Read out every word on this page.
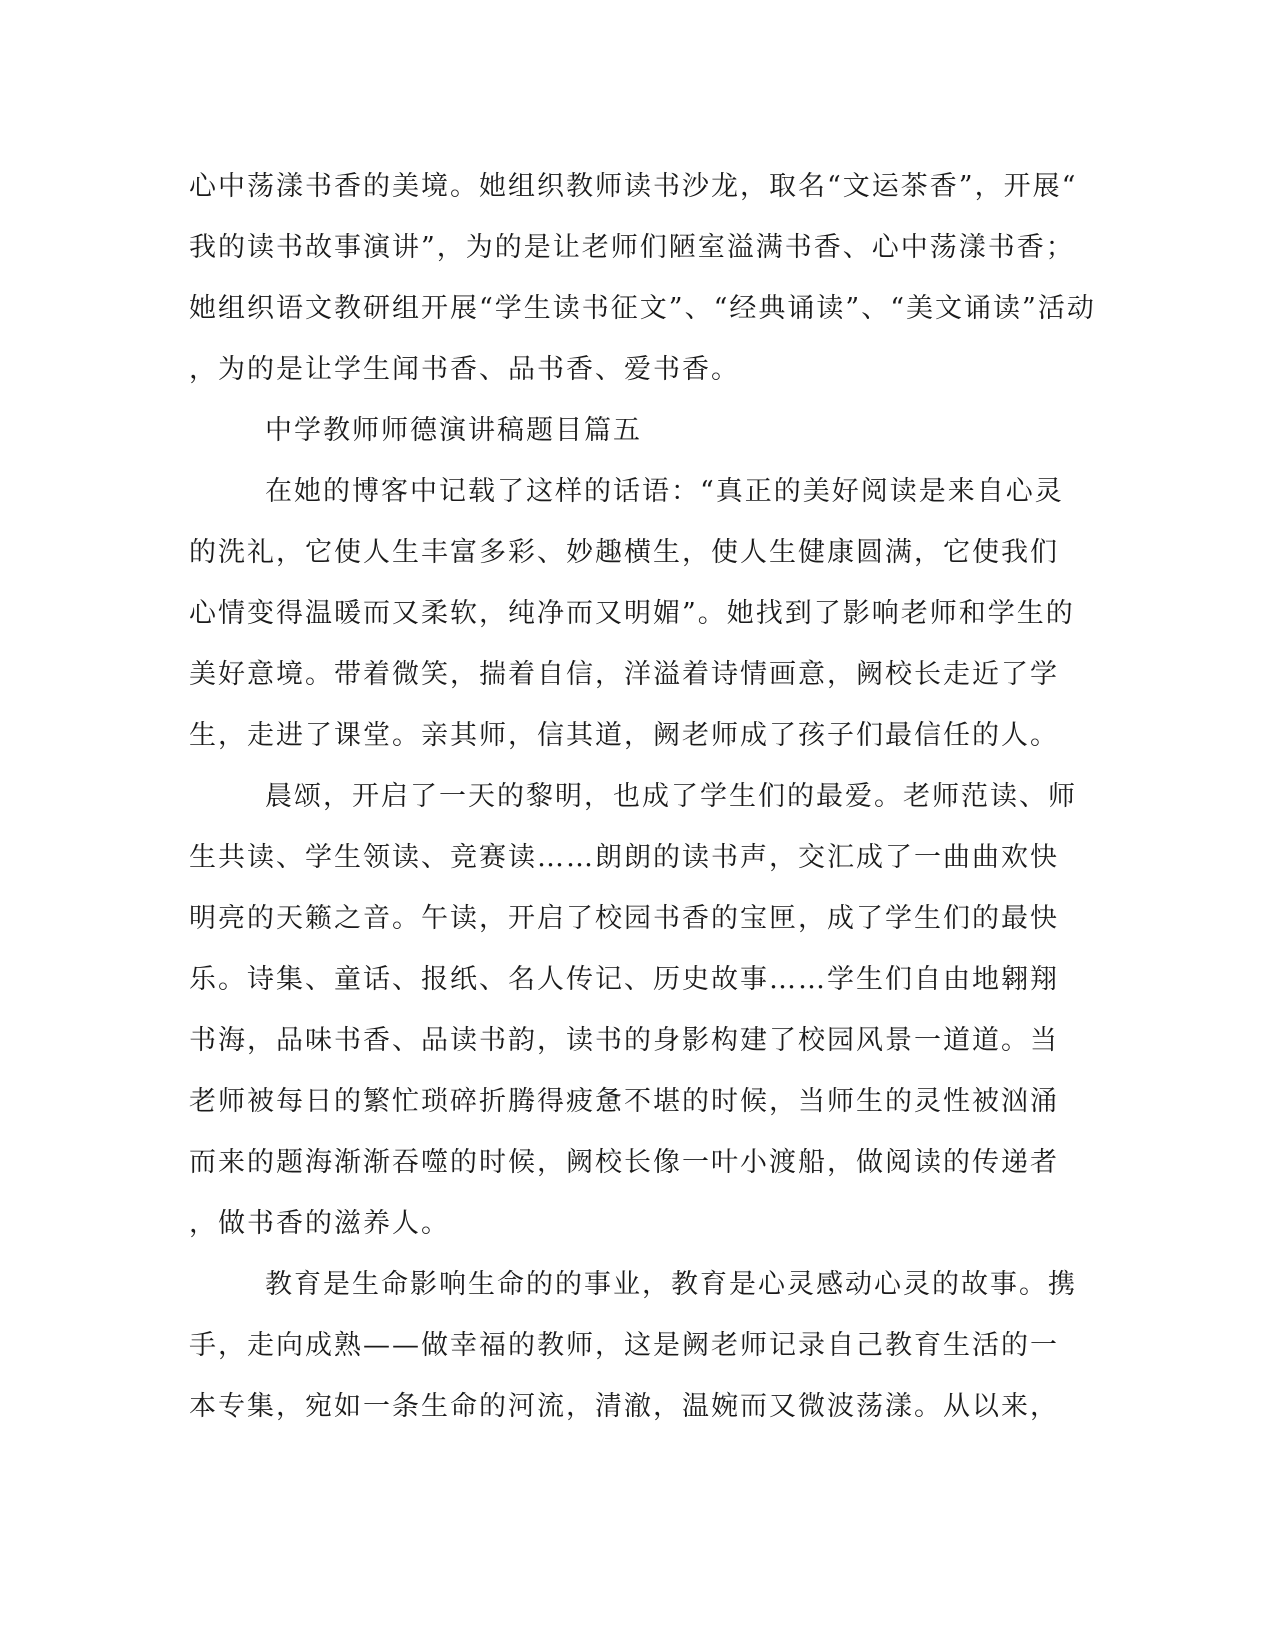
心中荡漾书香的美境。她组织教师读书沙龙，取名“文运茶香”，开展“
我的读书故事演讲”，为的是让老师们陋室溢满书香、心中荡漾书香；
她组织语文教研组开展“学生读书征文”、“经典诵读”、“美文诵读”活动
，为的是让学生闻书香、品书香、爱书香。
中学教师师德演讲稿题目篇五
在她的博客中记载了这样的话语：“真正的美好阅读是来自心灵
的洗礼，它使人生丰富多彩、妙趣横生，使人生健康圆满，它使我们
心情变得温暖而又柔软，纯净而又明媚”。她找到了影响老师和学生的
美好意境。带着微笑，揣着自信，洋溢着诗情画意，阙校长走近了学
生，走进了课堂。亲其师，信其道，阙老师成了孩子们最信任的人。
晨颂，开启了一天的黎明，也成了学生们的最爱。老师范读、师
生共读、学生领读、竞赛读……朗朗的读书声，交汇成了一曲曲欢快
明亮的天籁之音。午读，开启了校园书香的宝匣，成了学生们的最快
乐。诗集、童话、报纸、名人传记、历史故事……学生们自由地翱翔
书海，品味书香、品读书韵，读书的身影构建了校园风景一道道。当
老师被每日的繁忙琐碎折腾得疲惫不堪的时候，当师生的灵性被汹涌
而来的题海渐渐吞噬的时候，阙校长像一叶小渡船，做阅读的传递者
，做书香的滋养人。
教育是生命影响生命的的事业，教育是心灵感动心灵的故事。携
手，走向成熟——做幸福的教师，这是阙老师记录自己教育生活的一
本专集，宛如一条生命的河流，清澈，温婉而又微波荡漾。从以来，
